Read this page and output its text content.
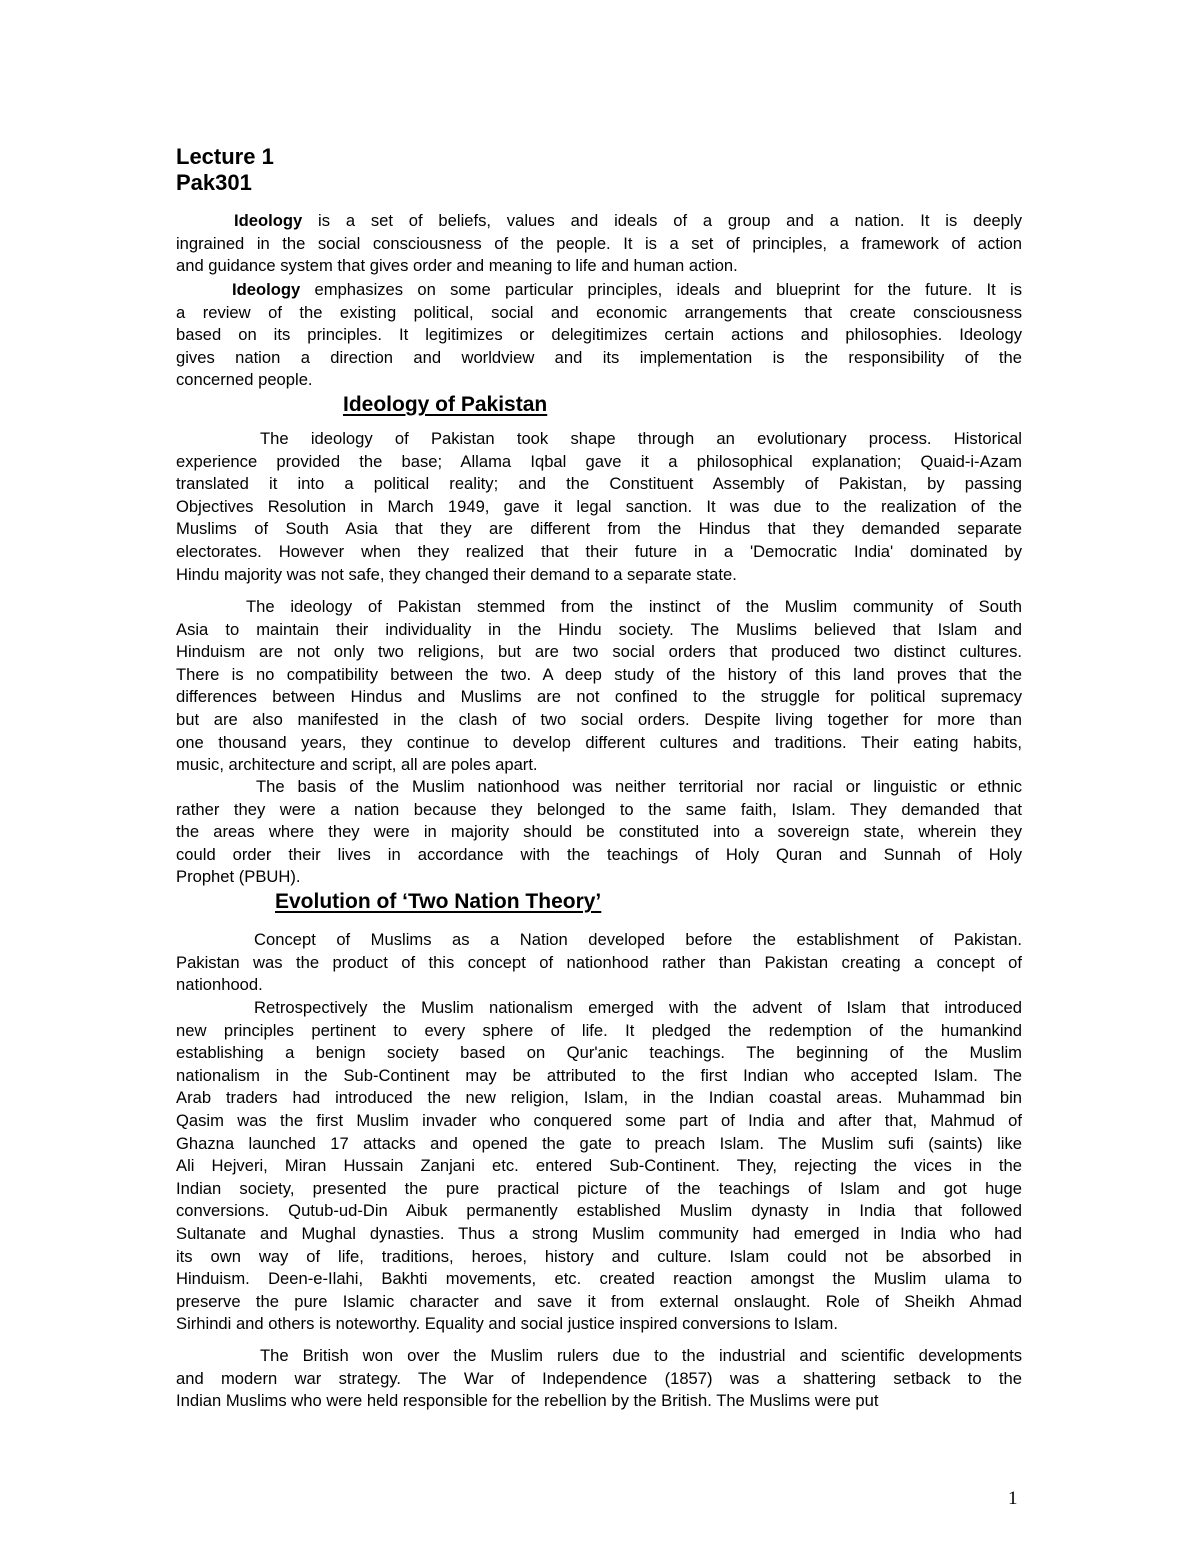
Lecture 1
Pak301
Ideology is a set of beliefs, values and ideals of a group and a nation. It is deeply
ingrained in the social consciousness of the people. It is a set of principles, a framework of action
and guidance system that gives order and meaning to life and human action.
Ideology emphasizes on some particular principles, ideals and blueprint for the future. It is
a review of the existing political, social and economic arrangements that create consciousness
based on its principles. It legitimizes or delegitimizes certain actions and philosophies. Ideology
gives nation a direction and worldview and its implementation is the responsibility of the
concerned people.
Ideology of Pakistan
The ideology of Pakistan took shape through an evolutionary process. Historical
experience provided the base; Allama Iqbal gave it a philosophical explanation; Quaid-i-Azam
translated it into a political reality; and the Constituent Assembly of Pakistan, by passing
Objectives Resolution in March 1949, gave it legal sanction. It was due to the realization of the
Muslims of South Asia that they are different from the Hindus that they demanded separate
electorates. However when they realized that their future in a 'Democratic India' dominated by
Hindu majority was not safe, they changed their demand to a separate state.
The ideology of Pakistan stemmed from the instinct of the Muslim community of South
Asia to maintain their individuality in the Hindu society. The Muslims believed that Islam and
Hinduism are not only two religions, but are two social orders that produced two distinct cultures.
There is no compatibility between the two. A deep study of the history of this land proves that the
differences between Hindus and Muslims are not confined to the struggle for political supremacy
but are also manifested in the clash of two social orders. Despite living together for more than
one thousand years, they continue to develop different cultures and traditions. Their eating habits,
music, architecture and script, all are poles apart.
The basis of the Muslim nationhood was neither territorial nor racial or linguistic or ethnic
rather they were a nation because they belonged to the same faith, Islam. They demanded that
the areas where they were in majority should be constituted into a sovereign state, wherein they
could order their lives in accordance with the teachings of Holy Quran and Sunnah of Holy
Prophet (PBUH).
Evolution of ‘Two Nation Theory’
Concept of Muslims as a Nation developed before the establishment of Pakistan.
Pakistan was the product of this concept of nationhood rather than Pakistan creating a concept of
nationhood.
Retrospectively the Muslim nationalism emerged with the advent of Islam that introduced
new principles pertinent to every sphere of life. It pledged the redemption of the humankind
establishing a benign society based on Qur'anic teachings. The beginning of the Muslim
nationalism in the Sub-Continent may be attributed to the first Indian who accepted Islam. The
Arab traders had introduced the new religion, Islam, in the Indian coastal areas. Muhammad bin
Qasim was the first Muslim invader who conquered some part of India and after that, Mahmud of
Ghazna launched 17 attacks and opened the gate to preach Islam. The Muslim sufi (saints) like
Ali Hejveri, Miran Hussain Zanjani etc. entered Sub-Continent. They, rejecting the vices in the
Indian society, presented the pure practical picture of the teachings of Islam and got huge
conversions. Qutub-ud-Din Aibuk permanently established Muslim dynasty in India that followed
Sultanate and Mughal dynasties. Thus a strong Muslim community had emerged in India who had
its own way of life, traditions, heroes, history and culture. Islam could not be absorbed in
Hinduism. Deen-e-Ilahi, Bakhti movements, etc. created reaction amongst the Muslim ulama to
preserve the pure Islamic character and save it from external onslaught. Role of Sheikh Ahmad
Sirhindi and others is noteworthy. Equality and social justice inspired conversions to Islam.
The British won over the Muslim rulers due to the industrial and scientific developments
and modern war strategy. The War of Independence (1857) was a shattering setback to the
Indian Muslims who were held responsible for the rebellion by the British. The Muslims were put
1
